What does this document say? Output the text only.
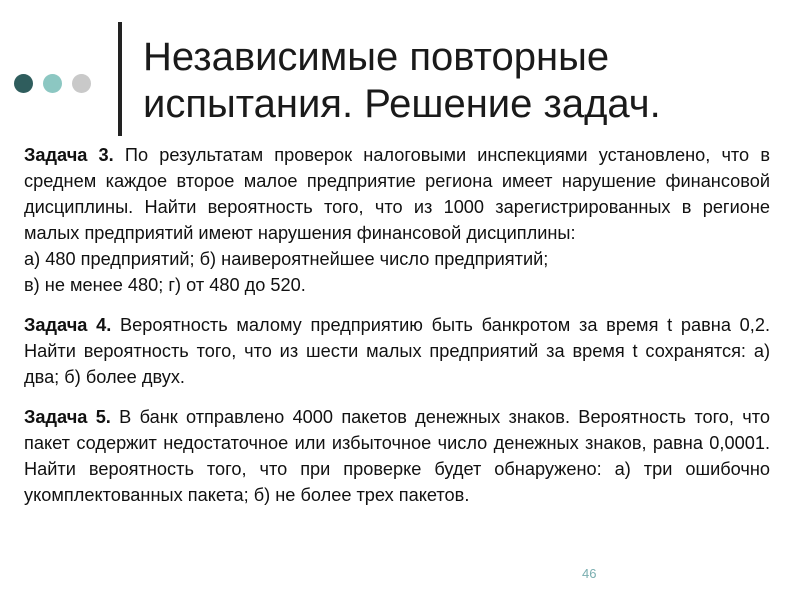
Независимые повторные
испытания. Решение задач.

Задача 3. По результатам проверок налоговыми инспекциями установлено, что в среднем каждое второе малое предприятие региона имеет нарушение финансовой дисциплины. Найти вероятность того, что из 1000 зарегистрированных в регионе малых предприятий имеют нарушения финансовой дисциплины:
а) 480 предприятий; б) наивероятнейшее число предприятий;
в) не менее 480; г) от 480 до 520.

Задача 4. Вероятность малому предприятию быть банкротом за время t равна 0,2. Найти вероятность того, что из шести малых предприятий за время t сохранятся: а) два; б) более двух.

Задача 5. В банк отправлено 4000 пакетов денежных знаков. Вероятность того, что пакет содержит недостаточное или избыточное число денежных знаков, равна 0,0001. Найти вероятность того, что при проверке будет обнаружено: а) три ошибочно укомплектованных пакета; б) не более трех пакетов.

46
